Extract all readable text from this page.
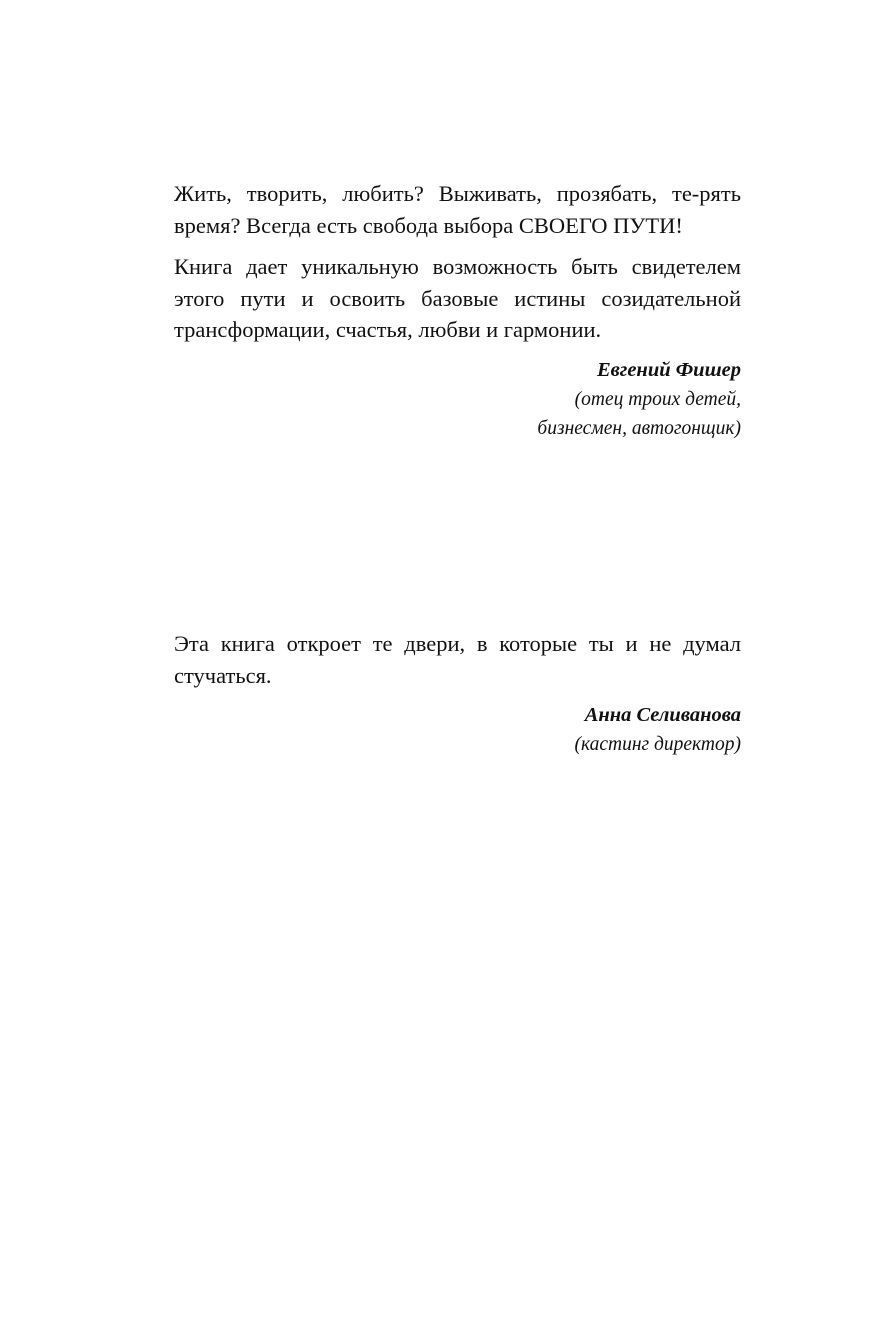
Жить, творить, любить? Выживать, прозябать, те-рять время? Всегда есть свобода выбора СВОЕГО ПУТИ!

Книга дает уникальную возможность быть свидетелем этого пути и освоить базовые истины созидательной трансформации, счастья, любви и гармонии.

Евгений Фишер
(отец троих детей,
бизнесмен, автогонщик)

Эта книга откроет те двери, в которые ты и не думал стучаться.

Анна Селиванова
(кастинг директор)
